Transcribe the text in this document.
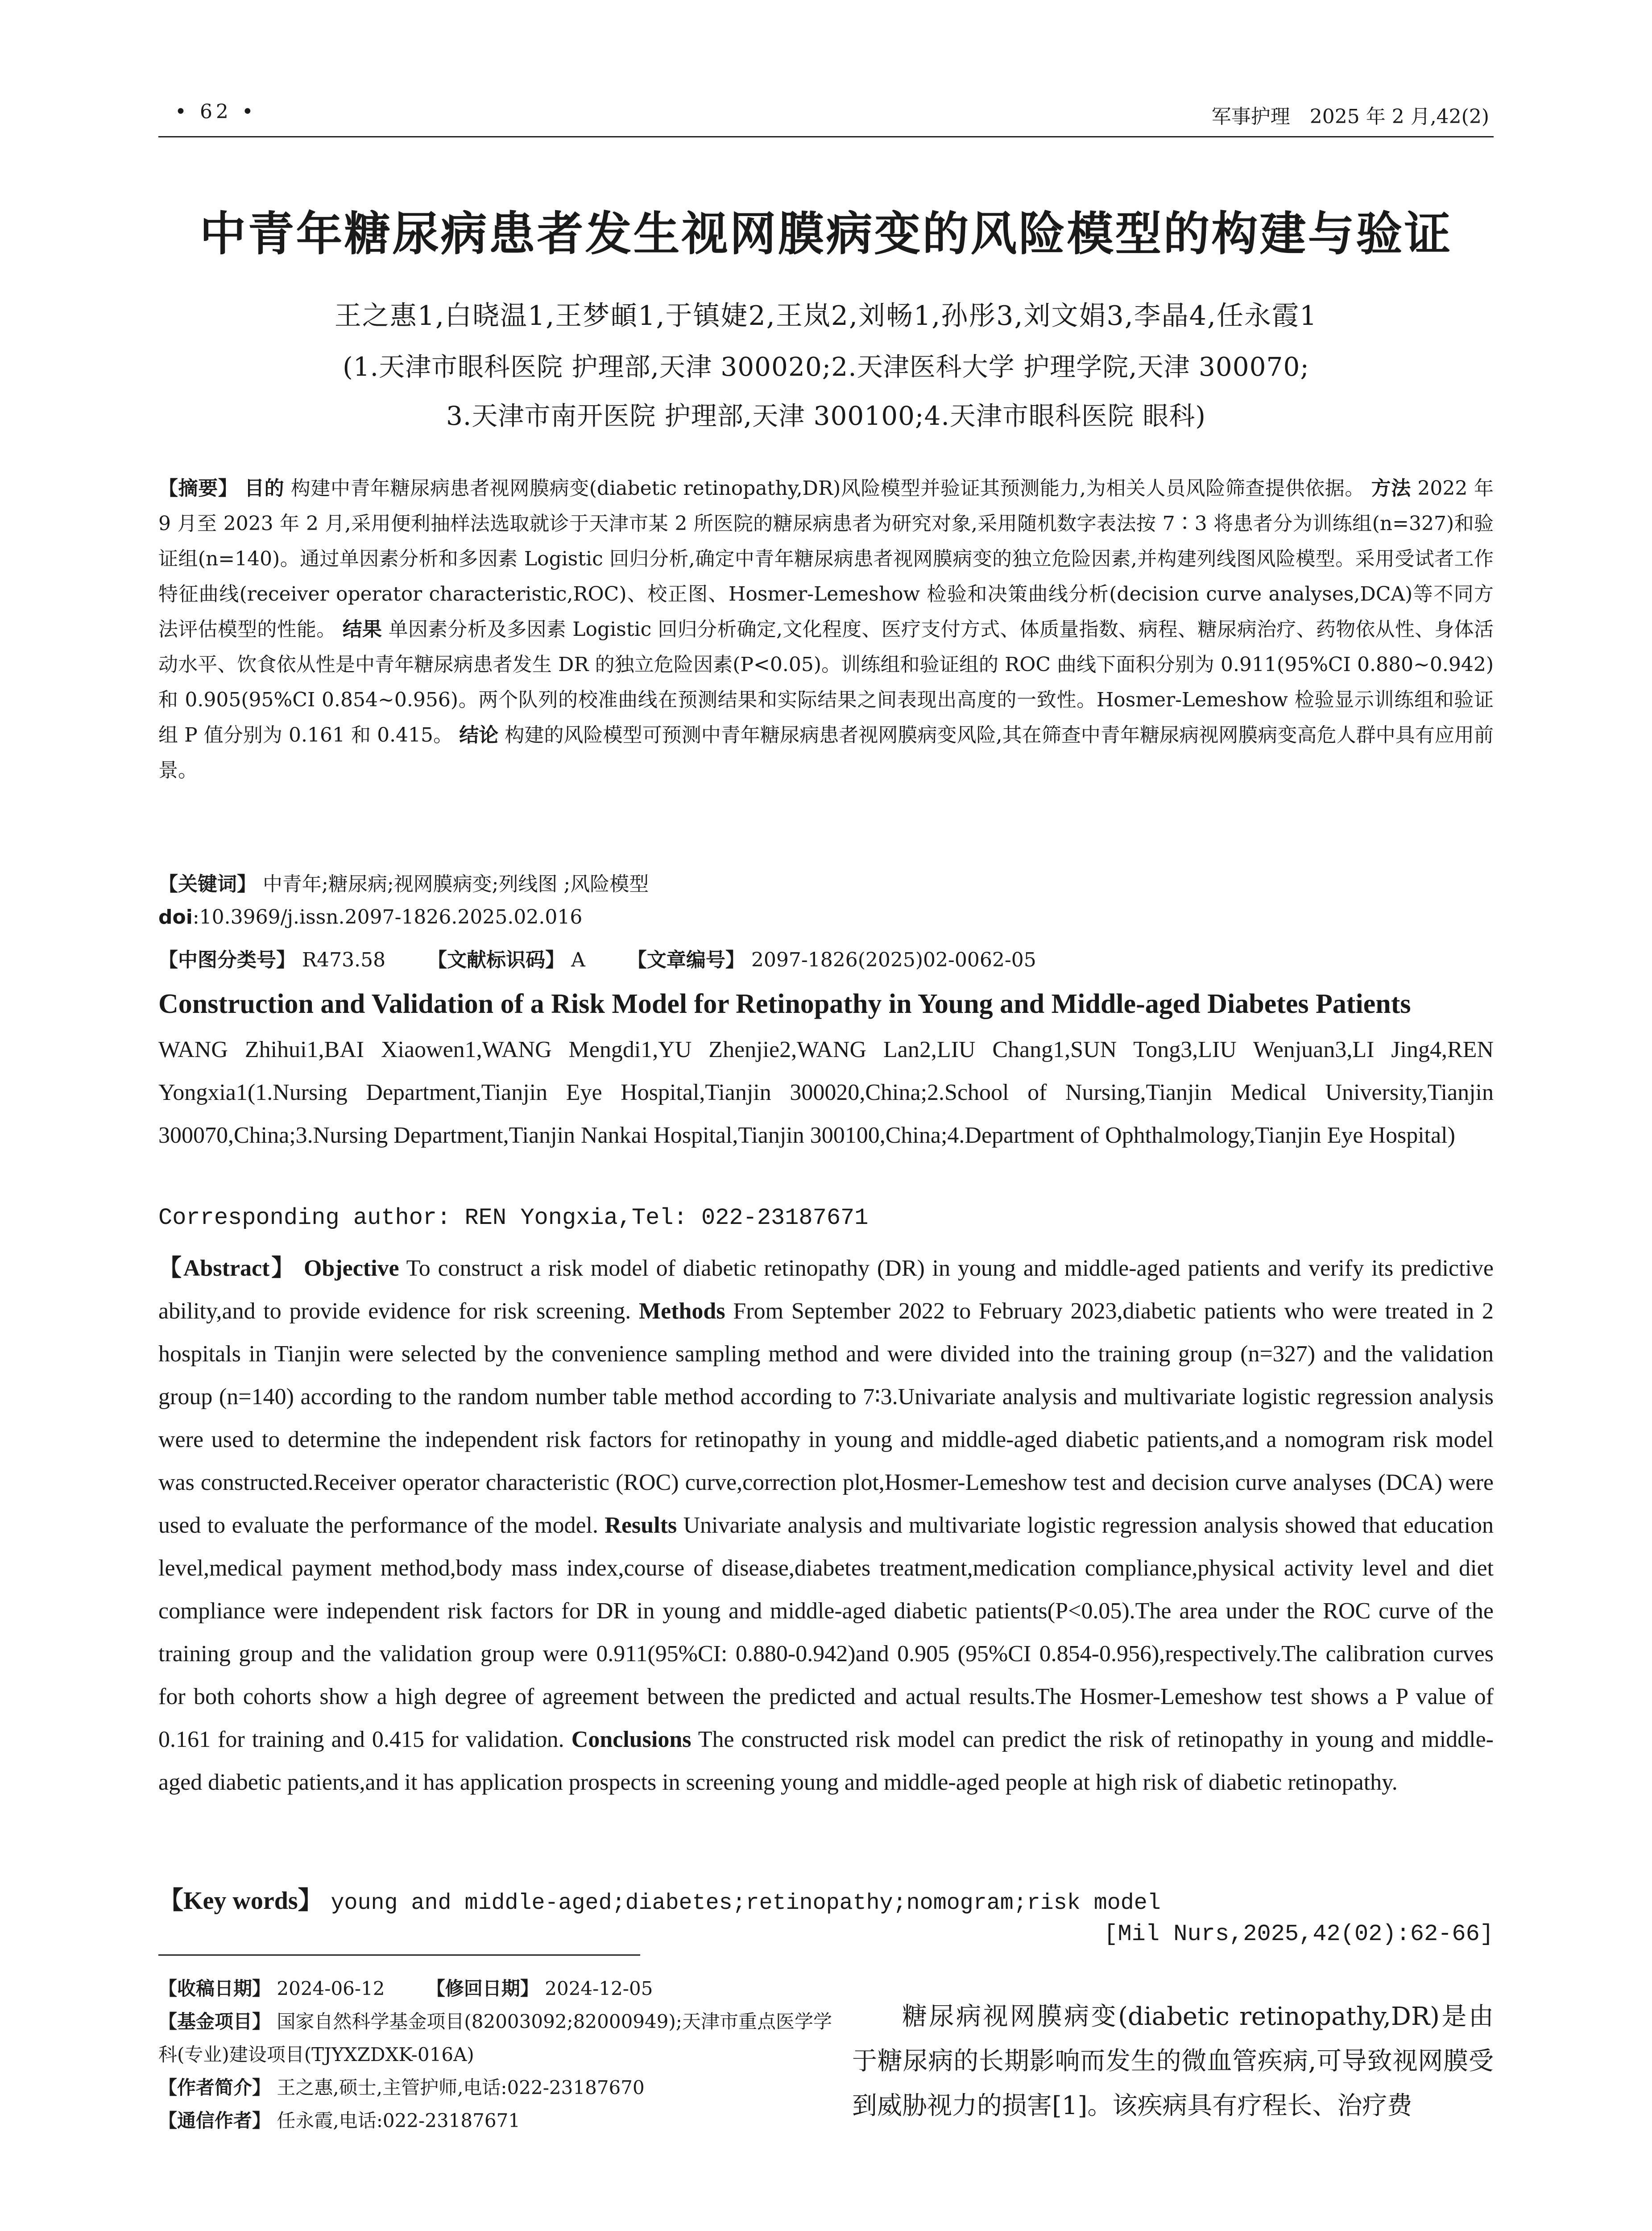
• 62 •	军事护理　2025 年 2 月,42(2)
中青年糖尿病患者发生视网膜病变的风险模型的构建与验证
王之惠1,白晓温1,王梦頔1,于镇婕2,王岚2,刘畅1,孙彤3,刘文娟3,李晶4,任永霞1
(1.天津市眼科医院 护理部,天津 300020;2.天津医科大学 护理学院,天津 300070;
3.天津市南开医院 护理部,天津 300100;4.天津市眼科医院 眼科)

【摘要】 目的 构建中青年糖尿病患者视网膜病变(diabetic retinopathy,DR)风险模型并验证其预测能力,为相关人员风险筛查提供依据。 方法 2022 年 9 月至 2023 年 2 月,采用便利抽样法选取就诊于天津市某 2 所医院的糖尿病患者为研究对象,采用随机数字表法按 7∶3 将患者分为训练组(n=327)和验证组(n=140)。通过单因素分析和多因素 Logistic 回归分析,确定中青年糖尿病患者视网膜病变的独立危险因素,并构建列线图风险模型。采用受试者工作特征曲线(receiver operator characteristic,ROC)、校正图、Hosmer-Lemeshow 检验和决策曲线分析(decision curve analyses,DCA)等不同方法评估模型的性能。 结果 单因素分析及多因素 Logistic 回归分析确定,文化程度、医疗支付方式、体质量指数、病程、糖尿病治疗、药物依从性、身体活动水平、饮食依从性是中青年糖尿病患者发生 DR 的独立危险因素(P<0.05)。训练组和验证组的 ROC 曲线下面积分别为 0.911(95%CI 0.880~0.942)和 0.905(95%CI 0.854~0.956)。两个队列的校准曲线在预测结果和实际结果之间表现出高度的一致性。Hosmer-Lemeshow 检验显示训练组和验证组 P 值分别为 0.161 和 0.415。 结论 构建的风险模型可预测中青年糖尿病患者视网膜病变风险,其在筛查中青年糖尿病视网膜病变高危人群中具有应用前景。

【关键词】 中青年;糖尿病;视网膜病变;列线图 ;风险模型
doi:10.3969/j.issn.2097-1826.2025.02.016
【中图分类号】 R473.58 【文献标识码】 A 【文章编号】 2097-1826(2025)02-0062-05
Construction and Validation of a Risk Model for Retinopathy in Young and Middle-aged Diabetes Patients

WANG Zhihui1,BAI Xiaowen1,WANG Mengdi1,YU Zhenjie2,WANG Lan2,LIU Chang1,SUN Tong3,LIU Wenjuan3,LI Jing4,REN Yongxia1(1.Nursing Department,Tianjin Eye Hospital,Tianjin 300020,China;2.School of Nursing,Tianjin Medical University,Tianjin 300070,China;3.Nursing Department,Tianjin Nankai Hospital,Tianjin 300100,China;4.Department of Ophthalmology,Tianjin Eye Hospital)

Corresponding author: REN Yongxia,Tel: 022-23187671

【Abstract】 Objective To construct a risk model of diabetic retinopathy (DR) in young and middle-aged patients and verify its predictive ability,and to provide evidence for risk screening. Methods From September 2022 to February 2023,diabetic patients who were treated in 2 hospitals in Tianjin were selected by the convenience sampling method and were divided into the training group (n=327) and the validation group (n=140) according to the random number table method according to 7∶3.Univariate analysis and multivariate logistic regression analysis were used to determine the independent risk factors for retinopathy in young and middle-aged diabetic patients,and a nomogram risk model was constructed.Receiver operator characteristic (ROC) curve,correction plot,Hosmer-Lemeshow test and decision curve analyses (DCA) were used to evaluate the performance of the model. Results Univariate analysis and multivariate logistic regression analysis showed that education level,medical payment method,body mass index,course of disease,diabetes treatment,medication compliance,physical activity level and diet compliance were independent risk factors for DR in young and middle-aged diabetic patients(P<0.05).The area under the ROC curve of the training group and the validation group were 0.911(95%CI: 0.880-0.942)and 0.905 (95%CI 0.854-0.956),respectively.The calibration curves for both cohorts show a high degree of agreement between the predicted and actual results.The Hosmer-Lemeshow test shows a P value of 0.161 for training and 0.415 for validation. Conclusions The constructed risk model can predict the risk of retinopathy in young and middle-aged diabetic patients,and it has application prospects in screening young and middle-aged people at high risk of diabetic retinopathy.

【Key words】 young and middle-aged;diabetes;retinopathy;nomogram;risk model
[Mil Nurs,2025,42(02):62-66]
【收稿日期】 2024-06-12 【修回日期】 2024-12-05

【基金项目】 国家自然科学基金项目(82003092;82000949);天津市重点医学学科(专业)建设项目(TJYXZDXK-016A)

【作者简介】 王之惠,硕士,主管护师,电话:022-23187670
【通信作者】 任永霞,电话:022-23187671

糖尿病视网膜病变(diabetic retinopathy,DR)是由于糖尿病的长期影响而发生的微血管疾病,可导致视网膜受到威胁视力的损害[1]。该疾病具有疗程长、治疗费
